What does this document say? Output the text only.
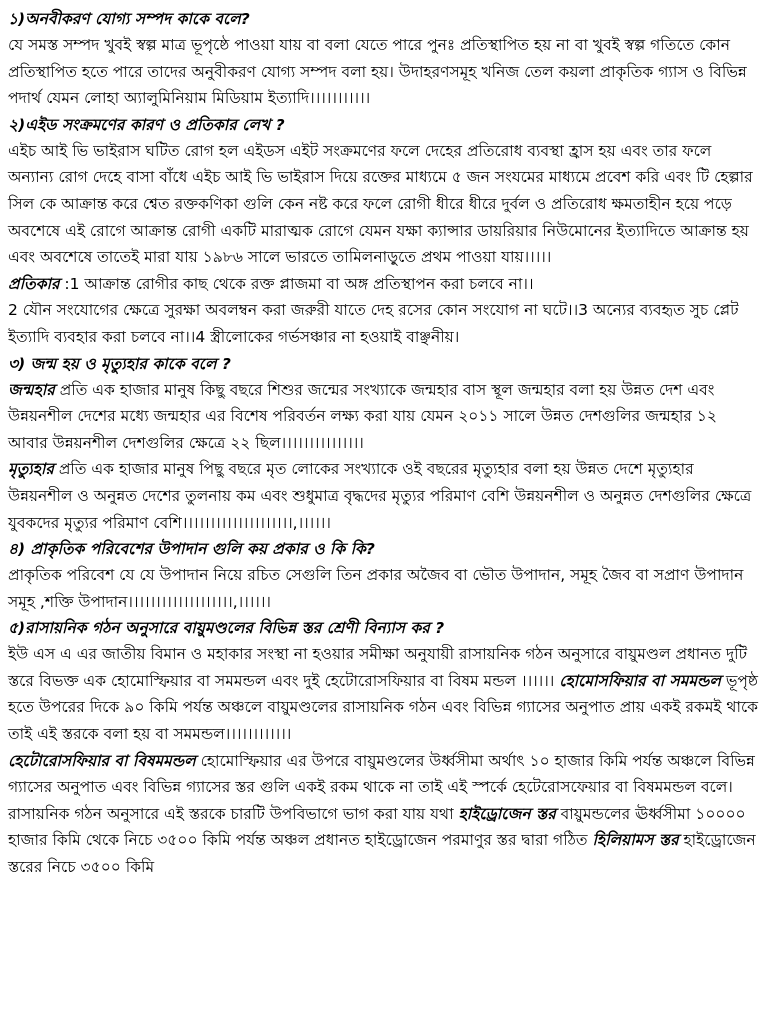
১)অনবীকরণ যোগ্য সম্পদ কাকে বলে?
যে সমস্ত সম্পদ খুবই স্বল্প মাত্র ভূপৃষ্ঠে পাওয়া যায় বা বলা যেতে পারে পুনঃ প্রতিস্থাপিত হয় না বা খুবই স্বল্প গতিতে কোন প্রতিস্থাপিত হতে পারে তাদের অনুবীকরণ যোগ্য সম্পদ বলা হয়। উদাহরণসমূহ খনিজ তেল কয়লা প্রাকৃতিক গ্যাস ও বিভিন্ন পদার্থ যেমন লোহা অ্যালুমিনিয়াম মিডিয়াম ইত্যাদি।।।।।।।।।।।
২)এইড সংক্রমণের কারণ ও প্রতিকার লেখ ?
এইচ আই ভি ভাইরাস ঘটিত রোগ হল এইডস এইট সংক্রমণের ফলে দেহের প্রতিরোধ ব্যবস্থা হ্রাস হয় এবং তার ফলে অন্যান্য রোগ দেহে বাসা বাঁধে এইচ আই ভি ভাইরাস দিয়ে রক্তের মাধ্যমে ৫ জন সংযমের মাধ্যমে প্রবেশ করি এবং টি হেল্পার সিল কে আক্রান্ত করে শ্বেত রক্তকণিকা গুলি কেন নষ্ট করে ফলে রোগী ধীরে ধীরে দুর্বল ও প্রতিরোধ ক্ষমতাহীন হয়ে পড়ে অবশেষে এই রোগে আক্রান্ত রোগী একটি মারাত্মক রোগে যেমন যক্ষা ক্যান্সার ডায়রিয়ার নিউমোনের ইত্যাদিতে আক্রান্ত হয় এবং অবশেষে তাতেই মারা যায় ১৯৮৬ সালে ভারতে তামিলনাড়ুতে প্রথম পাওয়া যায়।।।।।
প্রতিকার :1 আক্রান্ত রোগীর কাছ থেকে রক্ত প্লাজমা বা অঙ্গ প্রতিস্থাপন করা চলবে না।।
2 যৌন সংযোগের ক্ষেত্রে সুরক্ষা অবলম্বন করা জরুরী যাতে দেহ রসের কোন সংযোগ না ঘটে।।3 অন্যের ব্যবহৃত সুচ প্লেট ইত্যাদি ব্যবহার করা চলবে না।।4 স্ত্রীলোকের গর্ভসঞ্চার না হওয়াই বাঞ্ছনীয়।
৩) জন্ম হয় ও মৃত্যুহার কাকে বলে ?
জন্মহার প্রতি এক হাজার মানুষ কিছু বছরে শিশুর জন্মের সংখ্যাকে জন্মহার বাস স্থূল জন্মহার বলা হয় উন্নত দেশ এবং উন্নয়নশীল দেশের মধ্যে জন্মহার এর বিশেষ পরিবর্তন লক্ষ্য করা যায় যেমন ২০১১ সালে উন্নত দেশগুলির জন্মহার ১২ আবার উন্নয়নশীল দেশগুলির ক্ষেত্রে ২২ ছিল।।।।।।।।।।।।।।।
মৃত্যুহার প্রতি এক হাজার মানুষ পিছু বছরে মৃত লোকের সংখ্যাকে ওই বছরের মৃত্যুহার বলা হয় উন্নত দেশে মৃত্যুহার উন্নয়নশীল ও অনুন্নত দেশের তুলনায় কম এবং শুধুমাত্র বৃদ্ধদের মৃত্যুর পরিমাণ বেশি উন্নয়নশীল ও অনুন্নত দেশগুলির ক্ষেত্রে যুবকদের মৃত্যুর পরিমাণ বেশি।।।।।।।।।।।।।।।।।।।।,।।।।।।
৪) প্রাকৃতিক পরিবেশের উপাদান গুলি কয় প্রকার ও কি কি?
প্রাকৃতিক পরিবেশ যে যে উপাদান নিয়ে রচিত সেগুলি তিন প্রকার অজৈব বা ভৌত উপাদান, সমূহ জৈব বা সপ্রাণ উপাদান সমূহ ,শক্তি উপাদান।।।।।।।।।।।।।।।।।।।,।।।।।।
৫)রাসায়নিক গঠন অনুসারে বায়ুমণ্ডলের বিভিন্ন স্তর শ্রেণী বিন্যাস কর ?
ইউ এস এ এর জাতীয় বিমান ও মহাকার সংস্থা না হওয়ার সমীক্ষা অনুযায়ী রাসায়নিক গঠন অনুসারে বায়ুমণ্ডল প্রধানত দুটি স্তরে বিভক্ত এক হোমোস্ফিয়ার বা সমমন্ডল এবং দুই হেটোরোসফিয়ার বা বিষম মন্ডল ।।।।।। হোমোসফিয়ার বা সমমন্ডল ভূপৃষ্ঠ হতে উপরের দিকে ৯০ কিমি পর্যন্ত অঞ্চলে বায়ুমণ্ডলের রাসায়নিক গঠন এবং বিভিন্ন গ্যাসের অনুপাত প্রায় একই রকমই থাকে তাই এই স্তরকে বলা হয় বা সমমন্ডল।।।।।।।।।।।।
হেটোরোসফিয়ার বা বিষমমন্ডল হোমোস্ফিয়ার এর উপরে বায়ুমণ্ডলের উর্ধ্বসীমা অর্থাৎ ১০ হাজার কিমি পর্যন্ত অঞ্চলে বিভিন্ন গ্যাসের অনুপাত এবং বিভিন্ন গ্যাসের স্তর গুলি একই রকম থাকে না তাই এই স্পর্কে হেটেরোসফেয়ার বা বিষমমন্ডল বলে। রাসায়নিক গঠন অনুসারে এই স্তরকে চারটি উপবিভাগে ভাগ করা যায় যথা হাইড্রোজেন স্তর বায়ুমন্ডলের ঊর্ধ্বসীমা ১০০০০ হাজার কিমি থেকে নিচে ৩৫০০ কিমি পর্যন্ত অঞ্চল প্রধানত হাইড্রোজেন পরমাণুর স্তর দ্বারা গঠিত হিলিয়ামস স্তর হাইড্রোজেন স্তরের নিচে ৩৫০০ কিমি
